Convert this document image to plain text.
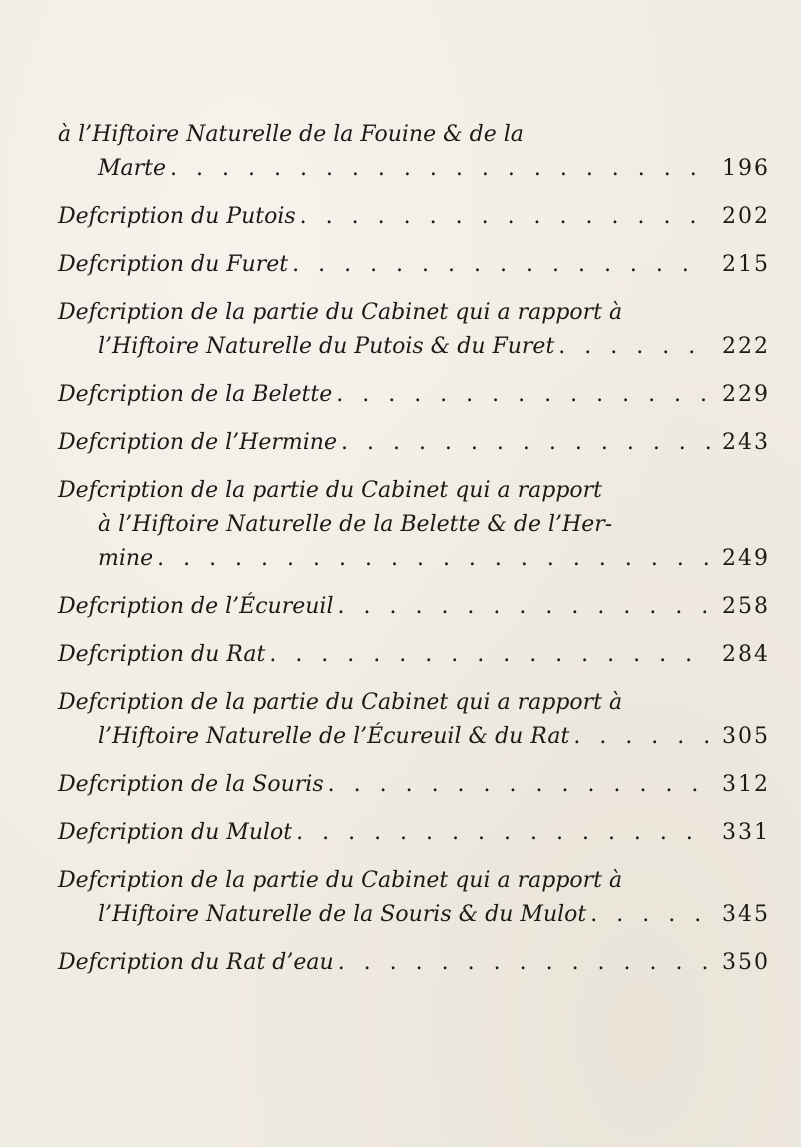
à l’Hiftoire Naturelle de la Fouine & de la
Marte . . .	196
Defcription du Putois . . .	202
Defcription du Furet . . .	215
Defcription de la partie du Cabinet qui a rapport à
l’Hiftoire Naturelle du Putois & du Furet . . .	222
Defcription de la Belette . . .	229
Defcription de l’Hermine . . .	243
Defcription de la partie du Cabinet qui a rapport
à l’Hiftoire Naturelle de la Belette & de l’Her-
mine . . .	249
Defcription de l’Écureuil . . .	258
Defcription du Rat . . .	284
Defcription de la partie du Cabinet qui a rapport à
l’Hiftoire Naturelle de l’Écureuil & du Rat . . .	305
Defcription de la Souris . . .	312
Defcription du Mulot . . .	331
Defcription de la partie du Cabinet qui a rapport à
l’Hiftoire Naturelle de la Souris & du Mulot . . .	345
Defcription du Rat d’eau . . .	350
